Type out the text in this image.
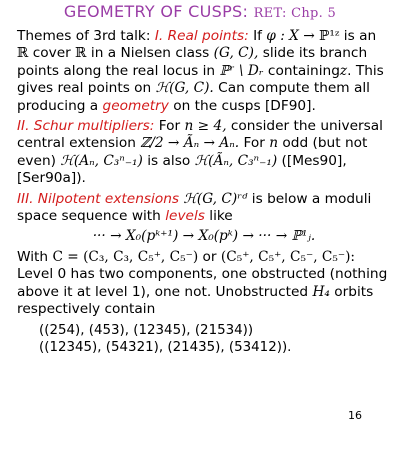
GEOMETRY OF CUSPS: RET: Chp. 5

Themes of 3rd talk: I. Real points: If φ : X → ℙ¹ᶻ is an ℝ cover ℝ in a Nielsen class (G, C), slide its branch points along the real locus in ℙʳ \ Dᵣ containingz. This gives real points on ℋ(G, C). Can compute them all producing a geometry on the cusps [DF90].

II. Schur multipliers: For n ≥ 4, consider the universal central extension ℤ/2 → Ãₙ → Aₙ. For n odd (but not even) ℋ(Aₙ, C₃ⁿ₋₁) is also ℋ(Ãₙ, C₃ⁿ₋₁) ([Mes90], [Ser90a]).

III. Nilpotent extensions ℋ(G, C)ʳᵈ is below a moduli space sequence with levels like

··· → X₀(pᵏ⁺¹) → X₀(pᵏ) → ··· → ℙ¹ⱼ.

With C = (C₃, C₃, C₅⁺, C₅⁻) or (C₅⁺, C₅⁺, C₅⁻, C₅⁻): Level 0 has two components, one obstructed (nothing above it at level 1), one not. Unobstructed H₄ orbits respectively contain

((254), (453), (12345), (21534))
((12345), (54321), (21435), (53412)).
16
